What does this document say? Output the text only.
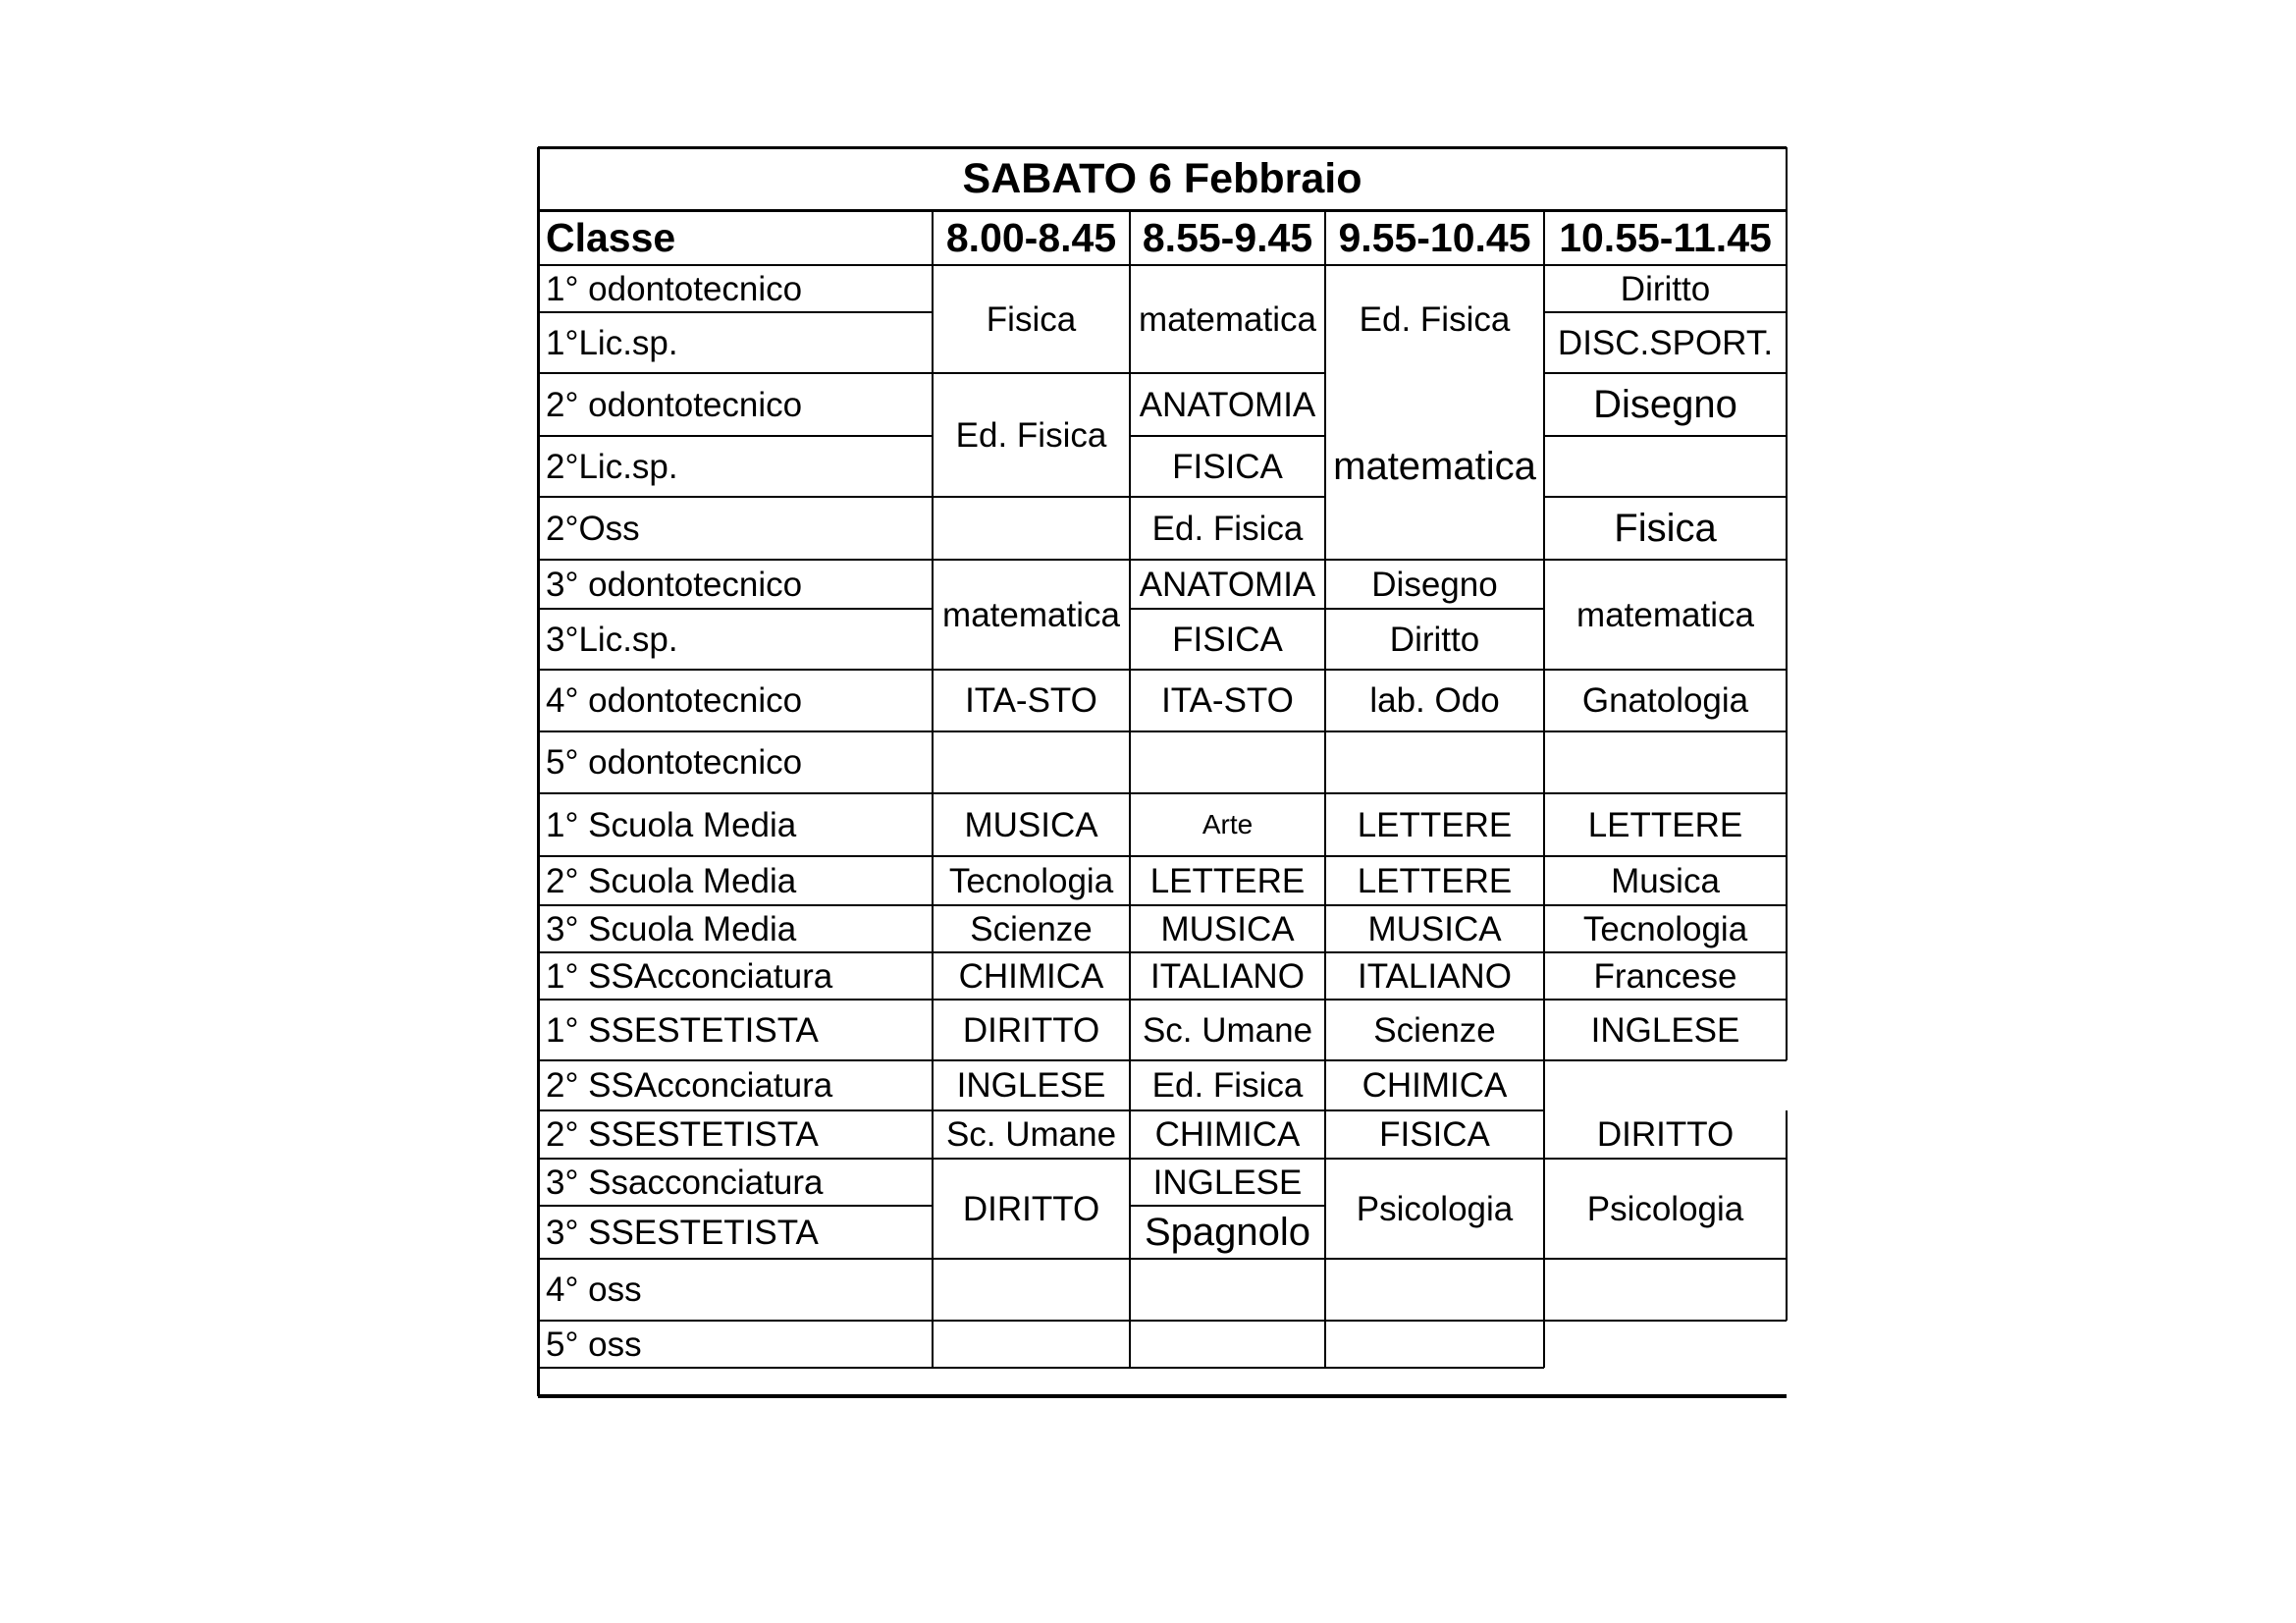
SABATO 6 Febbraio
Classe	8.00-8.45 8.55-9.45 9.55-10.45 10.55-11.45
1° odontotecnico
1°Lic.sp.
2° odontotecnico
2°Lic.sp.
2°Oss
3° odontotecnico
3°Lic.sp.
4° odontotecnico
5° odontotecnico
1° Scuola Media
2° Scuola Media
3° Scuola Media
1° SSAcconciatura
1° SSESTETISTA
2° SSAcconciatura
2° SSESTETISTA
3° Ssacconciatura
3° SSESTETISTA
4° oss
5° oss
Fisica
Ed. Fisica
matematica
ITA-STO
MUSICA
Tecnologia
Scienze
CHIMICA
DIRITTO
INGLESE
Sc. Umane
DIRITTO
matematica
ANATOMIA
FISICA
Ed. Fisica
ANATOMIA
FISICA
ITA-STO
Arte
LETTERE
MUSICA
ITALIANO
Sc. Umane
Ed. Fisica
CHIMICA
INGLESE
Spagnolo
Ed. Fisica
matematica
Disegno
Diritto
lab. Odo
LETTERE
LETTERE
MUSICA
ITALIANO
Scienze
CHIMICA
FISICA
Psicologia
Diritto
DISC.SPORT.
Disegno
Fisica
matematica
Gnatologia
LETTERE
Musica
Tecnologia
Francese
INGLESE
DIRITTO
Psicologia
